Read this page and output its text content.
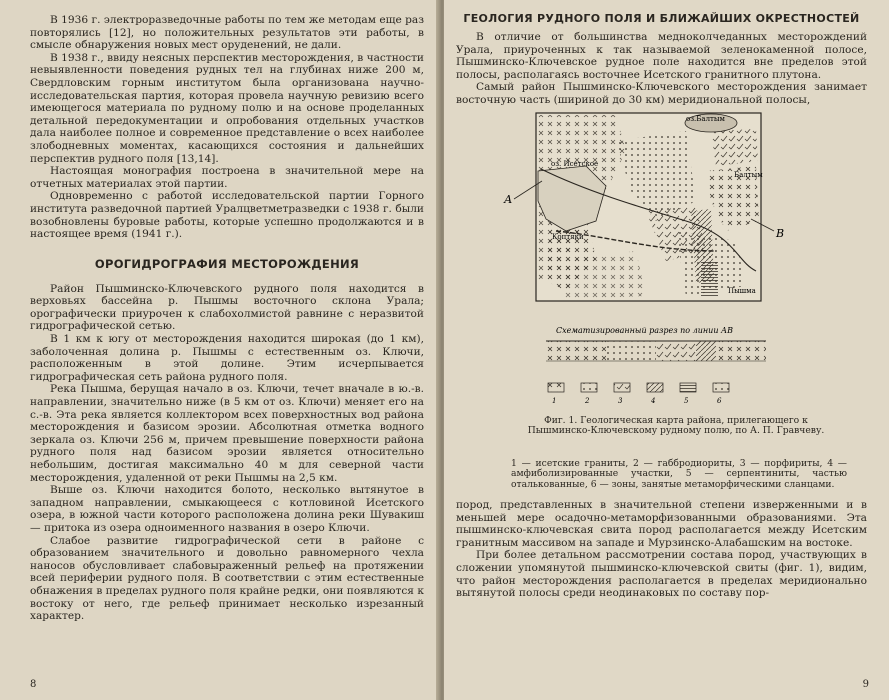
В 1936 г. электроразведочные работы по тем же методам еще раз повторялись [12], но положительных результатов эти работы, в смысле обнаружения новых мест оруденений, не дали.

В 1938 г., ввиду неясных перспектив месторождения, в частности невыявленности поведения рудных тел на глубинах ниже 200 м, Свердловским горным институтом была организована научно-исследовательская партия, которая провела научную ревизию всего имеющегося материала по рудному полю и на основе проделанных детальной передокументации и опробования отдельных участков дала наиболее полное и современное представление о всех наиболее злободневных моментах, касающихся состояния и дальнейших перспектив рудного поля [13,14].

Настоящая монография построена в значительной мере на отчетных материалах этой партии.

Одновременно с работой исследовательской партии Горного института разведочной партией Уралцветметразведки с 1938 г. были возобновлены буровые работы, которые успешно продолжаются и в настоящее время (1941 г.).

ОРОГИДРОГРАФИЯ МЕСТОРОЖДЕНИЯ

Район Пышминско-Ключевского рудного поля находится в верховьях бассейна р. Пышмы восточного склона Урала; орографически приурочен к слабохолмистой равнине с неразвитой гидрографической сетью.

В 1 км к югу от месторождения находится широкая (до 1 км), заболоченная долина р. Пышмы с естественным оз. Ключи, расположенным в этой долине. Этим исчерпывается гидрографическая сеть района рудного поля.

Река Пышма, берущая начало в оз. Ключи, течет вначале в ю.-в. направлении, значительно ниже (в 5 км от оз. Ключи) меняет его на с.-в. Эта река является коллектором всех поверхностных вод района месторождения и базисом эрозии. Абсолютная отметка водного зеркала оз. Ключи 256 м, причем превышение поверхности района рудного поля над базисом эрозии является относительно небольшим, достигая максимально 40 м для северной части месторождения, удаленной от реки Пышмы на 2,5 км.

Выше оз. Ключи находится болото, несколько вытянутое в западном направлении, смыкающееся с котловиной Исетского озера, в южной части которого расположена долина реки Шувакиш — притока из озера одноименного названия в озеро Ключи.

Слабое развитие гидрографической сети в районе с образованием значительного и довольно равномерного чехла наносов обусловливает слабовыраженный рельеф на протяжении всей периферии рудного поля. В соответствии с этим естественные обнажения в пределах рудного поля крайне редки, они появляются к востоку от него, где рельеф принимает несколько изрезанный характер.

8
ГЕОЛОГИЯ РУДНОГО ПОЛЯ И БЛИЖАЙШИХ ОКРЕСТНОСТЕЙ

В отличие от большинства медноколчеданных месторождений Урала, приуроченных к так называемой зеленокаменной полосе, Пышминско-Ключевское рудное поле находится вне пределов этой полосы, располагаясь восточнее Исетского гранитного плутона.

Самый район Пышминско-Ключевского месторождения занимает восточную часть (шириной до 30 км) меридиональной полосы,

оз.Балтым
Балтым
оз. Исетское
Коптяки
Пышма
А
В
Схематизированный разрез по линии АВ
1	2	3	4	5	6

Фиг. 1. Геологическая карта района, прилегающего к Пышминско-Ключевскому рудному полю, по А. П. Гравчеву.

1 — исетские граниты, 2 — габбродиориты, 3 — порфириты, 4 — амфиболизированные участки, 5 — серпентиниты, частью оталькованные, 6 — зоны, занятые метаморфическими сланцами.

пород, представленных в значительной степени изверженными и в меньшей мере осадочно-метаморфизованными образованиями. Эта пышминско-ключевская свита пород располагается между Исетским гранитным массивом на западе и Мурзинско-Алабашским на востоке.

При более детальном рассмотрении состава пород, участвующих в сложении упомянутой пышминско-ключевской свиты (фиг. 1), видим, что район месторождения располагается в пределах меридионально вытянутой полосы среди неодинаковых по составу пор-

9
